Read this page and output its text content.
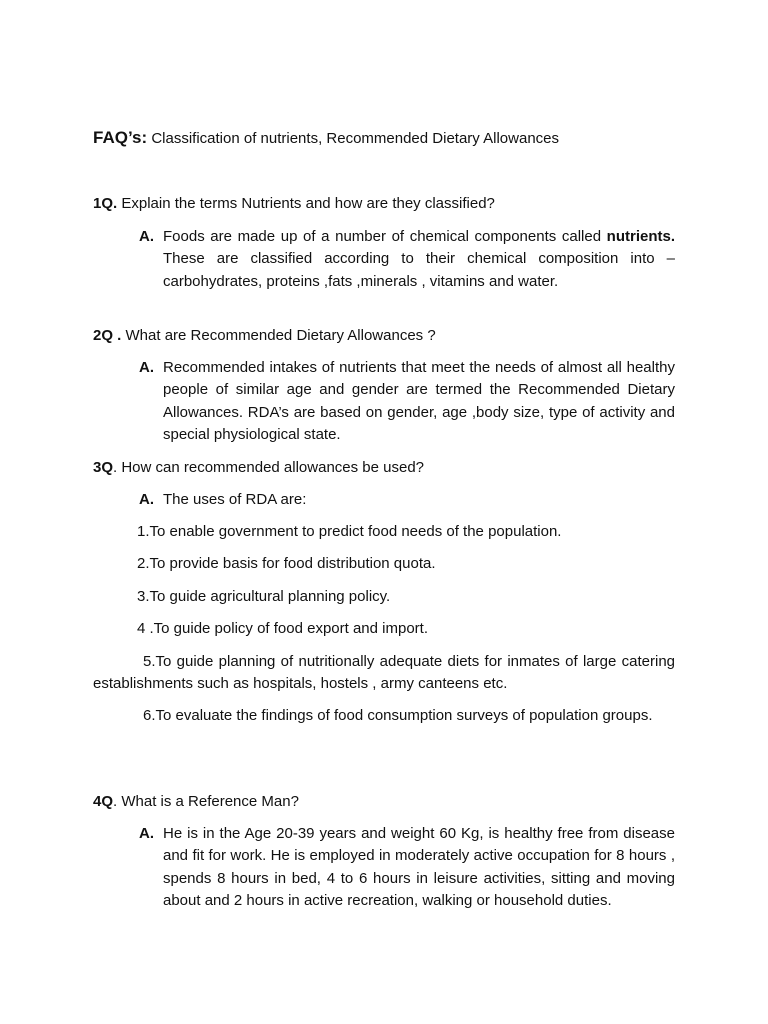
FAQ’s: Classification of nutrients, Recommended Dietary Allowances
1Q. Explain the terms Nutrients and how are they classified?
A. Foods are made up of a number of chemical components called nutrients. These are classified according to their chemical composition into – carbohydrates, proteins ,fats ,minerals , vitamins and water.
2Q . What are Recommended Dietary Allowances ?
A. Recommended intakes of nutrients that meet the needs of almost all healthy people of similar age and gender are termed the Recommended Dietary Allowances. RDA’s are based on gender, age ,body size, type of activity and special physiological state.
3Q. How can recommended allowances be used?
A. The uses of RDA are:
1.To enable government to predict food needs of the population.
2.To provide basis for food distribution quota.
3.To guide agricultural planning policy.
4 .To guide policy of food export and import.
5.To guide planning of nutritionally adequate diets for inmates of large catering establishments such as hospitals, hostels , army canteens etc.
6.To evaluate the findings of food consumption surveys of population groups.
4Q. What is a Reference Man?
A. He is in the Age 20-39 years and weight 60 Kg, is healthy free from disease and fit for work. He is employed in moderately active occupation for 8 hours , spends 8 hours in bed, 4 to 6 hours in leisure activities, sitting and moving about and 2 hours in active recreation, walking or household duties.
